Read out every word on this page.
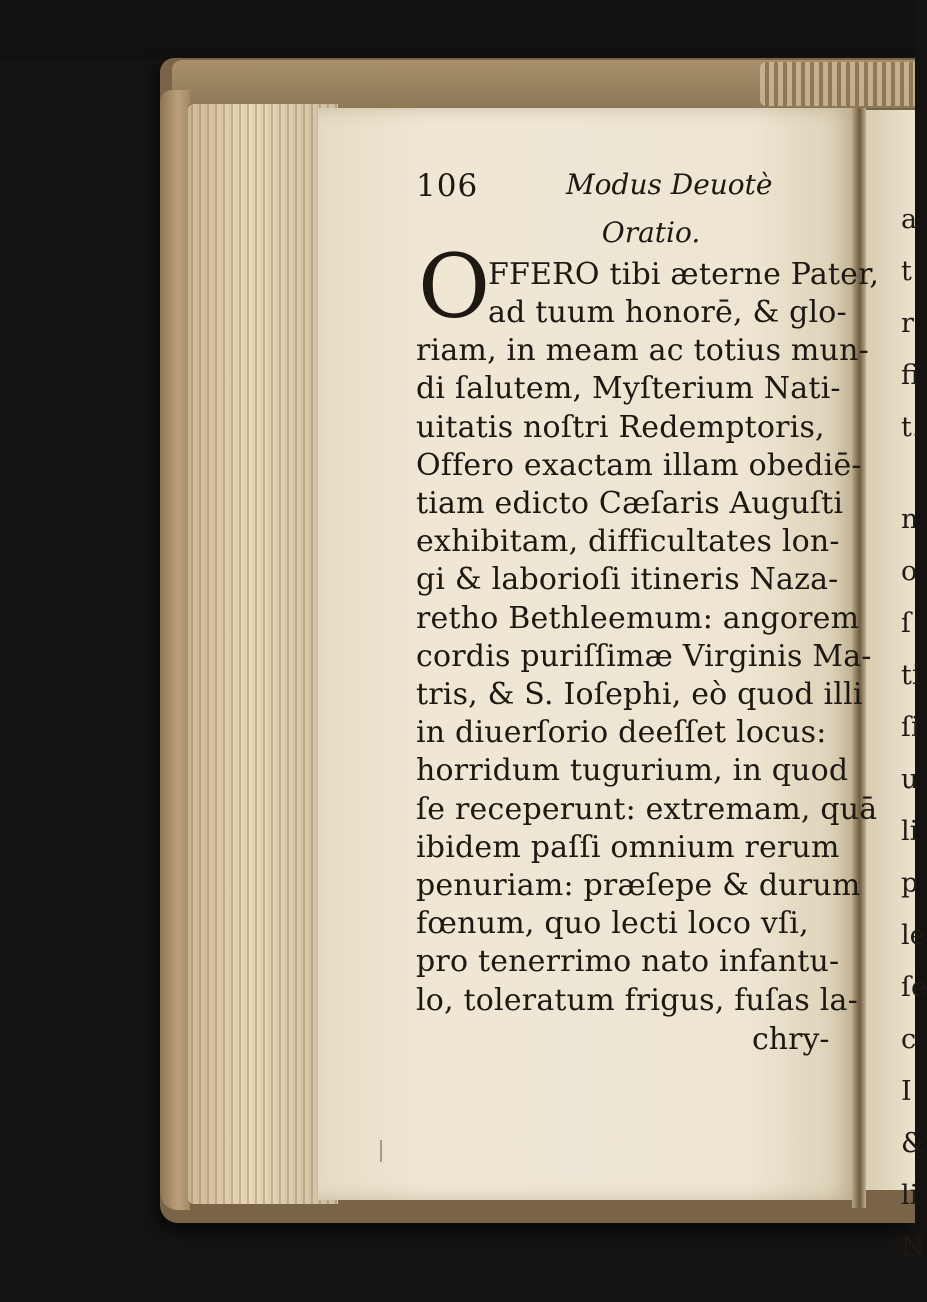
a
t
r
fi
t.
n
o
ſ
ti
ſi
u
li
p
le
ſe
c
I
&
li
N
106	Modus Deuotè
Oratio.
O
FFERO tibi æterne Pater,
ad tuum honorē, & glo-
riam, in meam ac totius mun-
di ſalutem, Myſterium Nati-
uitatis noſtri Redemptoris,
Offero exactam illam obediē-
tiam edicto Cæſaris Auguſti
exhibitam, difficultates lon-
gi & laborioſi itineris Naza-
retho Bethleemum: angorem
cordis puriſſimæ Virginis Ma-
tris, & S. Ioſephi, eò quod illi
in diuerſorio deeſſet locus:
horridum tugurium, in quod
ſe receperunt: extremam, quā
ibidem paſſi omnium rerum
penuriam: præſepe & durum
fœnum, quo lecti loco vſi,
pro tenerrimo nato infantu-
lo, toleratum frigus, fuſas la-
chry-
